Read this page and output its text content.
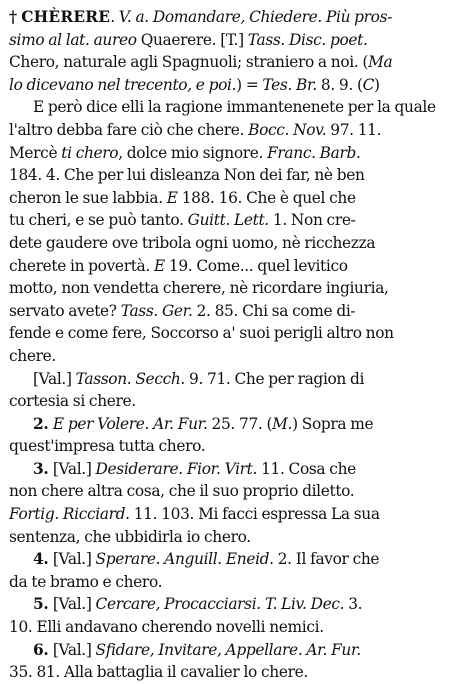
† CHÈRERE. V. a. Domandare, Chiedere. Più pros-
simo al lat. aureo Quaerere. [T.] Tass. Disc. poet.
Chero, naturale agli Spagnuoli; straniero a noi. (Ma
lo dicevano nel trecento, e poi.) = Tes. Br. 8. 9. (C)
E però dice elli la ragione immantenenete per la quale
l'altro debba fare ciò che chere. Bocc. Nov. 97. 11.
Mercè ti chero, dolce mio signore. Franc. Barb.
184. 4. Che per lui disleanza Non dei far, nè ben
cheron le sue labbia. E 188. 16. Che è quel che
tu cheri, e se può tanto. Guitt. Lett. 1. Non cre-
dete gaudere ove tribola ogni uomo, nè ricchezza
cherete in povertà. E 19. Come... quel levitico
motto, non vendetta cherere, nè ricordare ingiuria,
servato avete? Tass. Ger. 2. 85. Chi sa come di-
fende e come fere, Soccorso a' suoi perigli altro non
chere.
[Val.] Tasson. Secch. 9. 71. Che per ragion di
cortesia si chere.
2. E per Volere. Ar. Fur. 25. 77. (M.) Sopra me
quest'impresa tutta chero.
3. [Val.] Desiderare. Fior. Virt. 11. Cosa che
non chere altra cosa, che il suo proprio diletto.
Fortig. Ricciard. 11. 103. Mi facci espressa La sua
sentenza, che ubbidirla io chero.
4. [Val.] Sperare. Anguill. Eneid. 2. Il favor che
da te bramo e chero.
5. [Val.] Cercare, Procacciarsi. T. Liv. Dec. 3.
10. Elli andavano cherendo novelli nemici.
6. [Val.] Sfidare, Invitare, Appellare. Ar. Fur.
35. 81. Alla battaglia il cavalier lo chere.
